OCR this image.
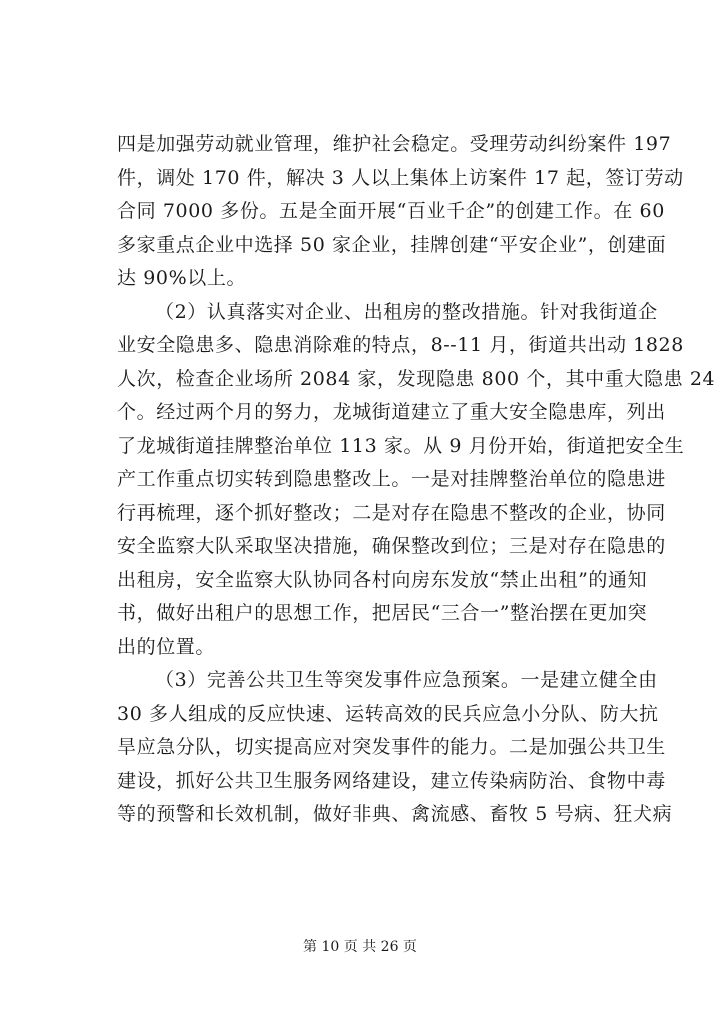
四是加强劳动就业管理，维护社会稳定。受理劳动纠纷案件 197
件，调处 170 件，解决 3 人以上集体上访案件 17 起，签订劳动
合同 7000 多份。五是全面开展“百业千企”的创建工作。在 60
多家重点企业中选择 50 家企业，挂牌创建“平安企业”，创建面
达 90%以上。
（2）认真落实对企业、出租房的整改措施。针对我街道企
业安全隐患多、隐患消除难的特点，8--11 月，街道共出动 1828
人次，检查企业场所 2084 家，发现隐患 800 个，其中重大隐患 24
个。经过两个月的努力，龙城街道建立了重大安全隐患库，列出
了龙城街道挂牌整治单位 113 家。从 9 月份开始，街道把安全生
产工作重点切实转到隐患整改上。一是对挂牌整治单位的隐患进
行再梳理，逐个抓好整改；二是对存在隐患不整改的企业，协同
安全监察大队采取坚决措施，确保整改到位；三是对存在隐患的
出租房，安全监察大队协同各村向房东发放“禁止出租”的通知
书，做好出租户的思想工作，把居民“三合一”整治摆在更加突
出的位置。
（3）完善公共卫生等突发事件应急预案。一是建立健全由
30 多人组成的反应快速、运转高效的民兵应急小分队、防大抗
旱应急分队，切实提高应对突发事件的能力。二是加强公共卫生
建设，抓好公共卫生服务网络建设，建立传染病防治、食物中毒
等的预警和长效机制，做好非典、禽流感、畜牧 5 号病、狂犬病
第 10 页 共 26 页
